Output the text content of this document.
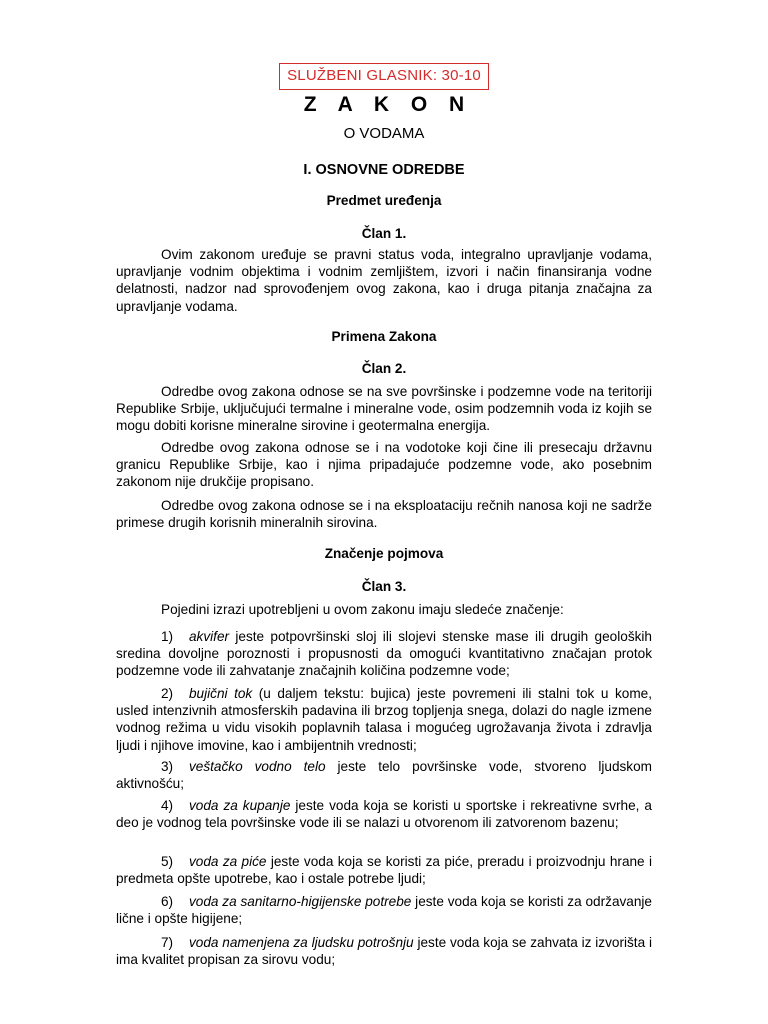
SLUŽBENI GLASNIK: 30-10
Z A K O N
O VODAMA
I. OSNOVNE ODREDBE
Predmet uređenja
Član 1.
Ovim zakonom uređuje se pravni status voda, integralno upravljanje vodama, upravljanje vodnim objektima i vodnim zemljištem, izvori i način finansiranja vodne delatnosti, nadzor nad sprovođenjem ovog zakona, kao i druga pitanja značajna za upravljanje vodama.
Primena Zakona
Član 2.
Odredbe ovog zakona odnose se na sve površinske i podzemne vode na teritoriji Republike Srbije, uključujući termalne i mineralne vode, osim podzemnih voda iz kojih se mogu dobiti korisne mineralne sirovine i geotermalna energija.
Odredbe ovog zakona odnose se i na vodotoke koji čine ili presecaju državnu granicu Republike Srbije, kao i njima pripadajuće podzemne vode, ako posebnim zakonom nije drukčije propisano.
Odredbe ovog zakona odnose se i na eksploataciju rečnih nanosa koji ne sadrže primese drugih korisnih mineralnih sirovina.
Značenje pojmova
Član 3.
Pojedini izrazi upotrebljeni u ovom zakonu imaju sledeće značenje:
1) akvifer jeste potpovršinski sloj ili slojevi stenske mase ili drugih geoloških sredina dovoljne poroznosti i propusnosti da omogući kvantitativno značajan protok podzemne vode ili zahvatanje značajnih količina podzemne vode;
2) bujični tok (u daljem tekstu: bujica) jeste povremeni ili stalni tok u kome, usled intenzivnih atmosferskih padavina ili brzog topljenja snega, dolazi do nagle izmene vodnog režima u vidu visokih poplavnih talasa i mogućeg ugrožavanja života i zdravlja ljudi i njihove imovine, kao i ambijentnih vrednosti;
3) veštačko vodno telo jeste telo površinske vode, stvoreno ljudskom aktivnošću;
4) voda za kupanje jeste voda koja se koristi u sportske i rekreativne svrhe, a deo je vodnog tela površinske vode ili se nalazi u otvorenom ili zatvorenom bazenu;
5) voda za piće jeste voda koja se koristi za piće, preradu i proizvodnju hrane i predmeta opšte upotrebe, kao i ostale potrebe ljudi;
6) voda za sanitarno-higijenske potrebe jeste voda koja se koristi za održavanje lične i opšte higijene;
7) voda namenjena za ljudsku potrošnju jeste voda koja se zahvata iz izvorišta i ima kvalitet propisan za sirovu vodu;
